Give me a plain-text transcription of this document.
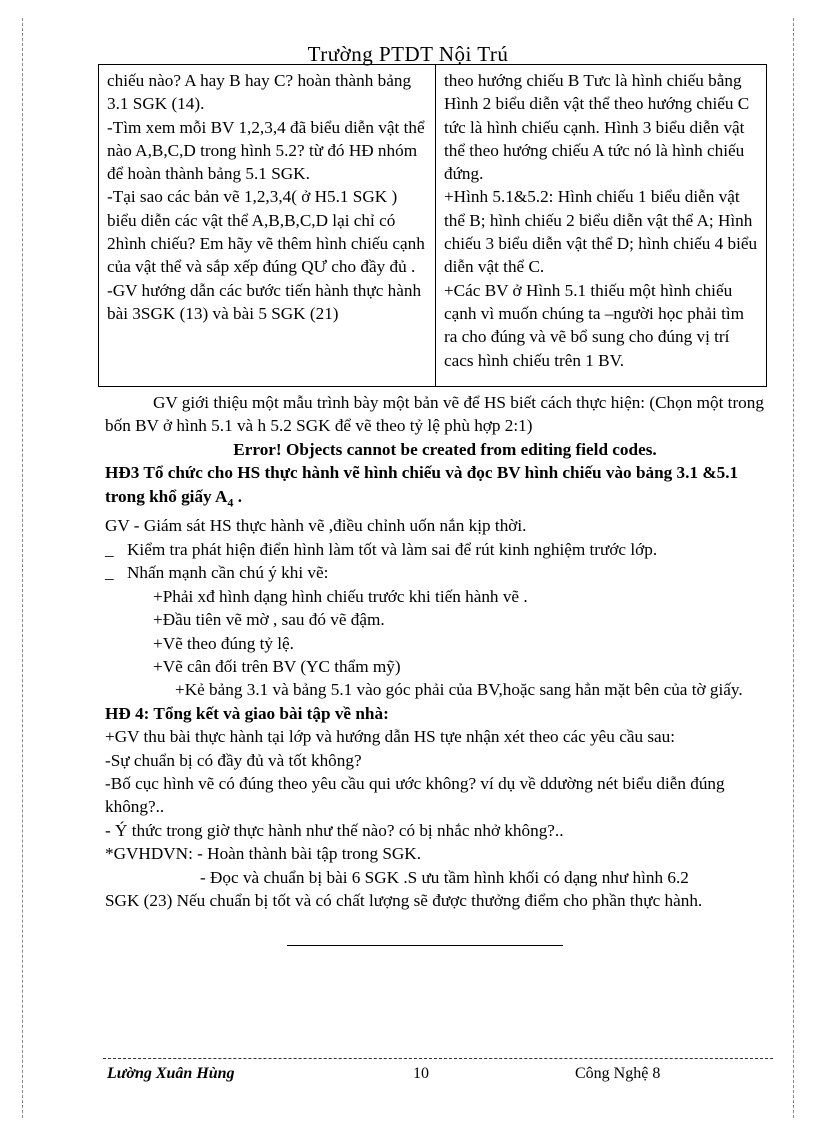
Trường PTDT Nội Trú

chiếu nào? A hay B hay C? hoàn thành bảng 3.1 SGK (14).

-Tìm xem mỗi BV 1,2,3,4 đã biểu diễn vật thể nào A,B,C,D trong hình 5.2? từ đó HĐ nhóm để hoàn thành bảng 5.1 SGK.

-Tại sao các bản vẽ 1,2,3,4( ở H5.1 SGK ) biểu diễn các vật thể A,B,B,C,D lại chỉ có 2hình chiếu? Em hãy vẽ thêm hình chiếu cạnh của vật thể và sắp xếp đúng QƯ cho đầy đủ .

-GV hướng dẫn các bước tiến hành thực hành bài 3SGK (13) và bài 5 SGK (21)

theo hướng chiếu B Tưc là hình chiếu bằng

Hình 2 biểu diễn vật thể theo hướng chiếu C tức là hình chiếu cạnh. Hình 3 biểu diễn vật thể theo hướng chiếu A tức nó là hình chiếu đứng.

+Hình 5.1&5.2: Hình chiếu 1 biểu diễn vật thể B; hình chiếu 2 biểu diễn vật thể A; Hình chiếu 3 biểu diễn vật thể D; hình chiếu 4 biểu diễn vật thể C.

+Các BV ở Hình 5.1 thiếu một hình chiếu cạnh vì muốn chúng ta –người học phải tìm ra cho đúng và vẽ bổ sung cho đúng vị trí cacs hình chiếu trên 1 BV.

GV giới thiệu một mẫu trình bày một bản vẽ để HS biết cách thực hiện: (Chọn một trong bốn BV ở hình 5.1 và h 5.2 SGK để vẽ theo tỷ lệ phù hợp 2:1)

Error! Objects cannot be created from editing field codes.

HĐ3 Tổ chức cho HS thực hành vẽ hình chiếu và đọc BV hình chiếu vào bảng 3.1 &5.1 trong khổ giấy $A_4$ .

GV - Giám sát HS thực hành vẽ ,điều chỉnh uốn nắn kịp thời.

_ Kiểm tra phát hiện điển hình làm tốt và làm sai để rút kinh nghiệm trước lớp.
_ Nhấn mạnh cần chú ý khi vẽ:

+Phải xđ hình dạng hình chiếu trước khi tiến hành vẽ .

+Đầu tiên vẽ mờ , sau đó vẽ đậm.

+Vẽ theo đúng tỷ lệ.

+Vẽ cân đối trên BV (YC thẩm mỹ)

+Kẻ bảng 3.1 và bảng 5.1 vào góc phải của BV,hoặc sang hẳn mặt bên của tờ giấy.

HĐ 4: Tổng kết và giao bài tập về nhà:

+GV thu bài thực hành tại lớp và hướng dẫn HS tựe nhận xét theo các yêu cầu sau:

-Sự chuẩn bị có đầy đủ và tốt không?

-Bố cục hình vẽ có đúng theo yêu cầu qui ước không? ví dụ về ddường nét biểu diễn đúng không?..

- Ý thức trong giờ thực hành như thế nào? có bị nhắc nhở không?..

*GVHDVN: - Hoàn thành bài tập trong SGK.

- Đọc và chuẩn bị bài 6 SGK .S ưu tầm hình khối có dạng như hình 6.2

SGK (23) Nếu chuẩn bị tốt và có chất lượng sẽ được thưởng điểm cho phần thực hành.

Lường Xuân Hùng	10	Công Nghệ 8
